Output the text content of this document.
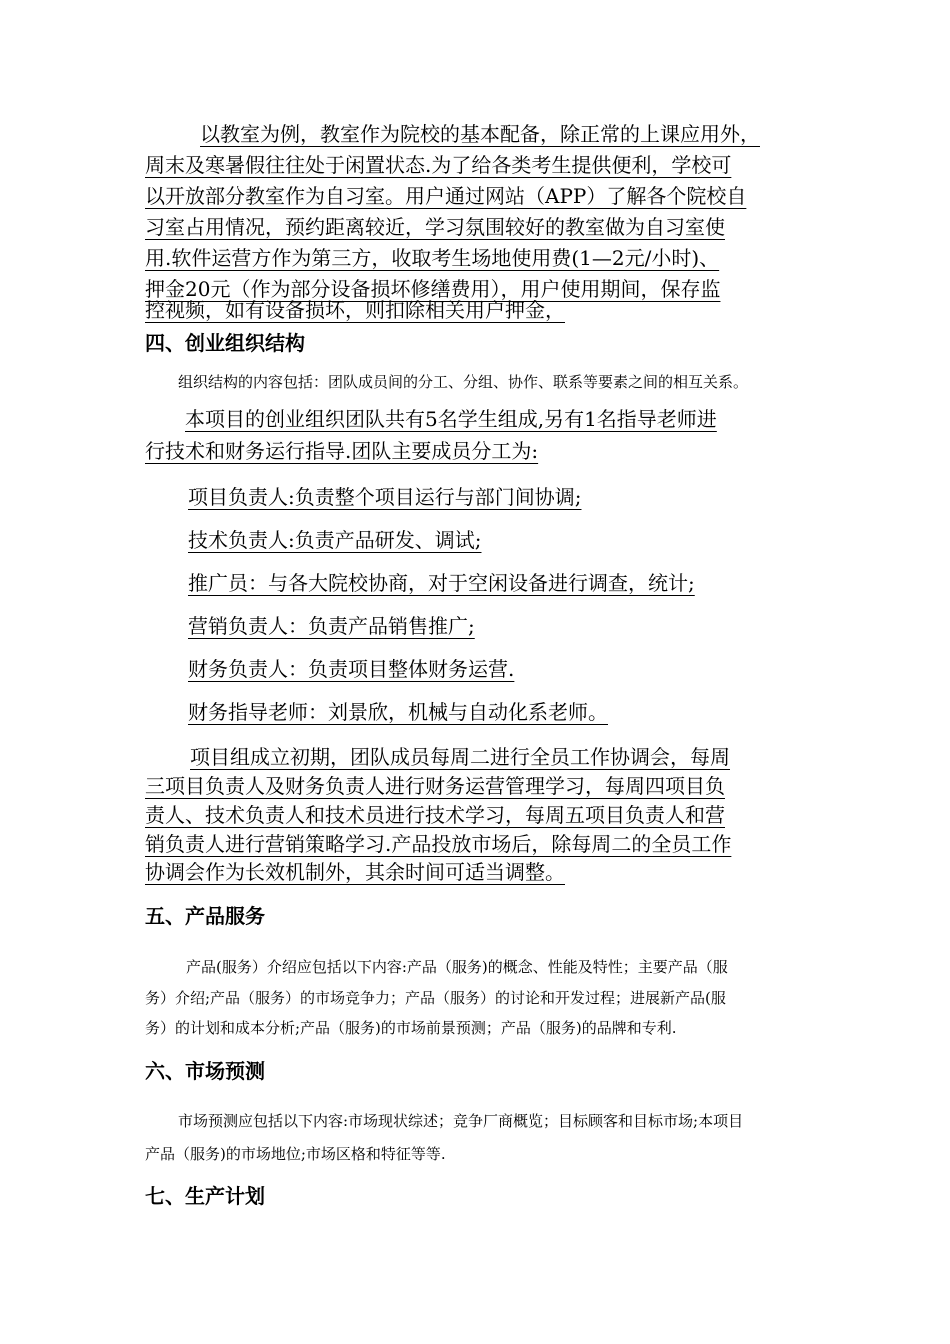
以教室为例，教室作为院校的基本配备，除正常的上课应用外，
周末及寒暑假往往处于闲置状态.为了给各类考生提供便利，学校可
以开放部分教室作为自习室。用户通过网站（APP）了解各个院校自
习室占用情况，预约距离较近，学习氛围较好的教室做为自习室使
用.软件运营方作为第三方，收取考生场地使用费(1—2元/小时)、
押金20元（作为部分设备损坏修缮费用），用户使用期间，保存监
控视频，如有设备损坏，则扣除相关用户押金，
四、创业组织结构
组织结构的内容包括：团队成员间的分工、分组、协作、联系等要素之间的相互关系。
本项目的创业组织团队共有5名学生组成,另有1名指导老师进
行技术和财务运行指导.团队主要成员分工为:
项目负责人:负责整个项目运行与部门间协调;
技术负责人:负责产品研发、调试;
推广员：与各大院校协商，对于空闲设备进行调查，统计;
营销负责人：负责产品销售推广;
财务负责人：负责项目整体财务运营.
财务指导老师：刘景欣，机械与自动化系老师。
项目组成立初期，团队成员每周二进行全员工作协调会，每周
三项目负责人及财务负责人进行财务运营管理学习，每周四项目负
责人、技术负责人和技术员进行技术学习，每周五项目负责人和营
销负责人进行营销策略学习.产品投放市场后，除每周二的全员工作
协调会作为长效机制外，其余时间可适当调整。
五、产品服务
产品(服务）介绍应包括以下内容:产品（服务)的概念、性能及特性；主要产品（服
务）介绍;产品（服务）的市场竞争力；产品（服务）的讨论和开发过程；进展新产品(服
务）的计划和成本分析;产品（服务)的市场前景预测；产品（服务)的品牌和专利.
六、市场预测
市场预测应包括以下内容:市场现状综述；竞争厂商概览；目标顾客和目标市场;本项目
产品（服务)的市场地位;市场区格和特征等等.
七、生产计划
